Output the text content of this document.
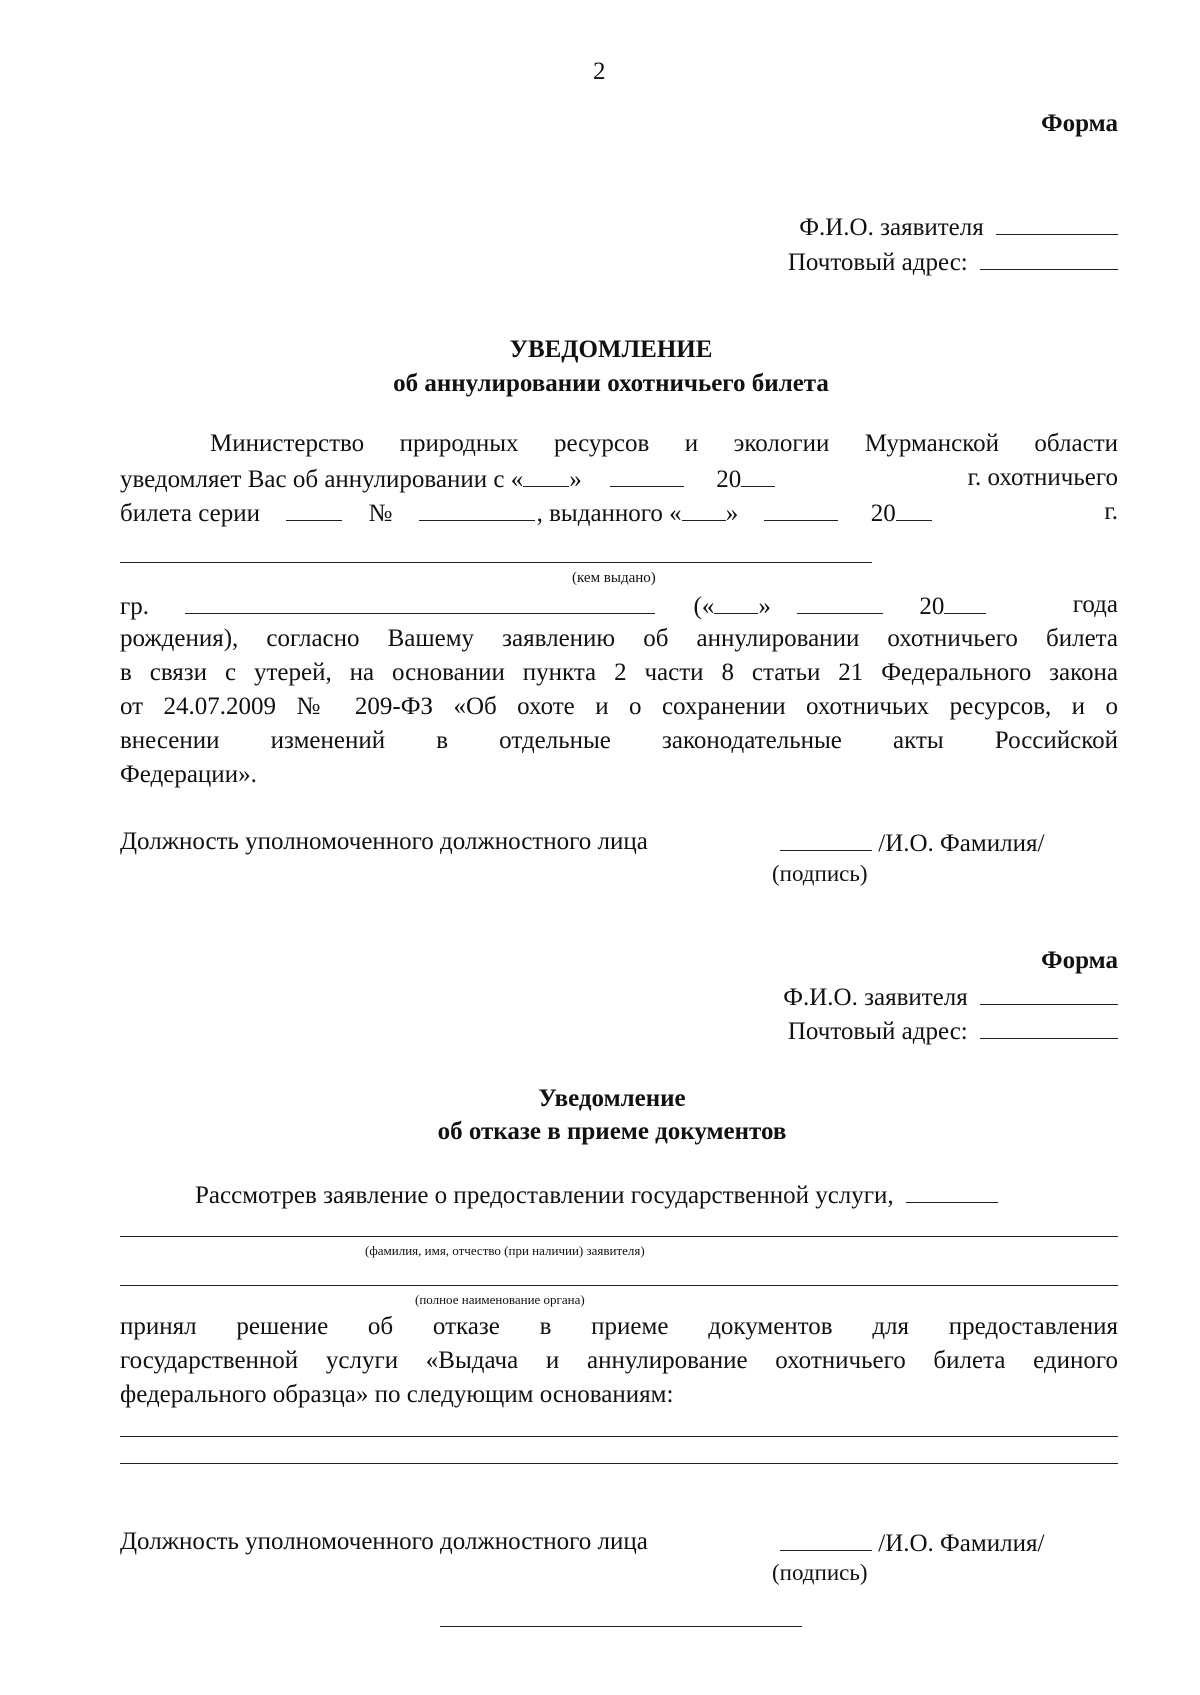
2
Форма
Ф.И.О. заявителя
Почтовый адрес:
УВЕДОМЛЕНИЕ
об аннулировании охотничьего билета
Министерство природных ресурсов и экологии Мурманской области
уведомляет Вас об аннулировании с « »	20	г. охотничьего
билета серии	№	, выданного « »	20	г.
(кем выдано)
гр.	(« »	20	года
рождения), согласно Вашему заявлению об аннулировании охотничьего билета
в связи с утерей, на основании пункта 2 части 8 статьи 21 Федерального закона
от 24.07.2009 № 209-ФЗ «Об охоте и о сохранении охотничьих ресурсов, и о
внесении изменений в отдельные законодательные акты Российской
Федерации».
Должность уполномоченного должностного лица	/И.О. Фамилия/
(подпись)
Форма
Ф.И.О. заявителя
Почтовый адрес:
Уведомление
об отказе в приеме документов
Рассмотрев заявление о предоставлении государственной услуги,
(фамилия, имя, отчество (при наличии) заявителя)
(полное наименование органа)
принял решение об отказе в приеме документов для предоставления
государственной услуги «Выдача и аннулирование охотничьего билета единого
федерального образца» по следующим основаниям:
Должность уполномоченного должностного лица	/И.О. Фамилия/
(подпись)
